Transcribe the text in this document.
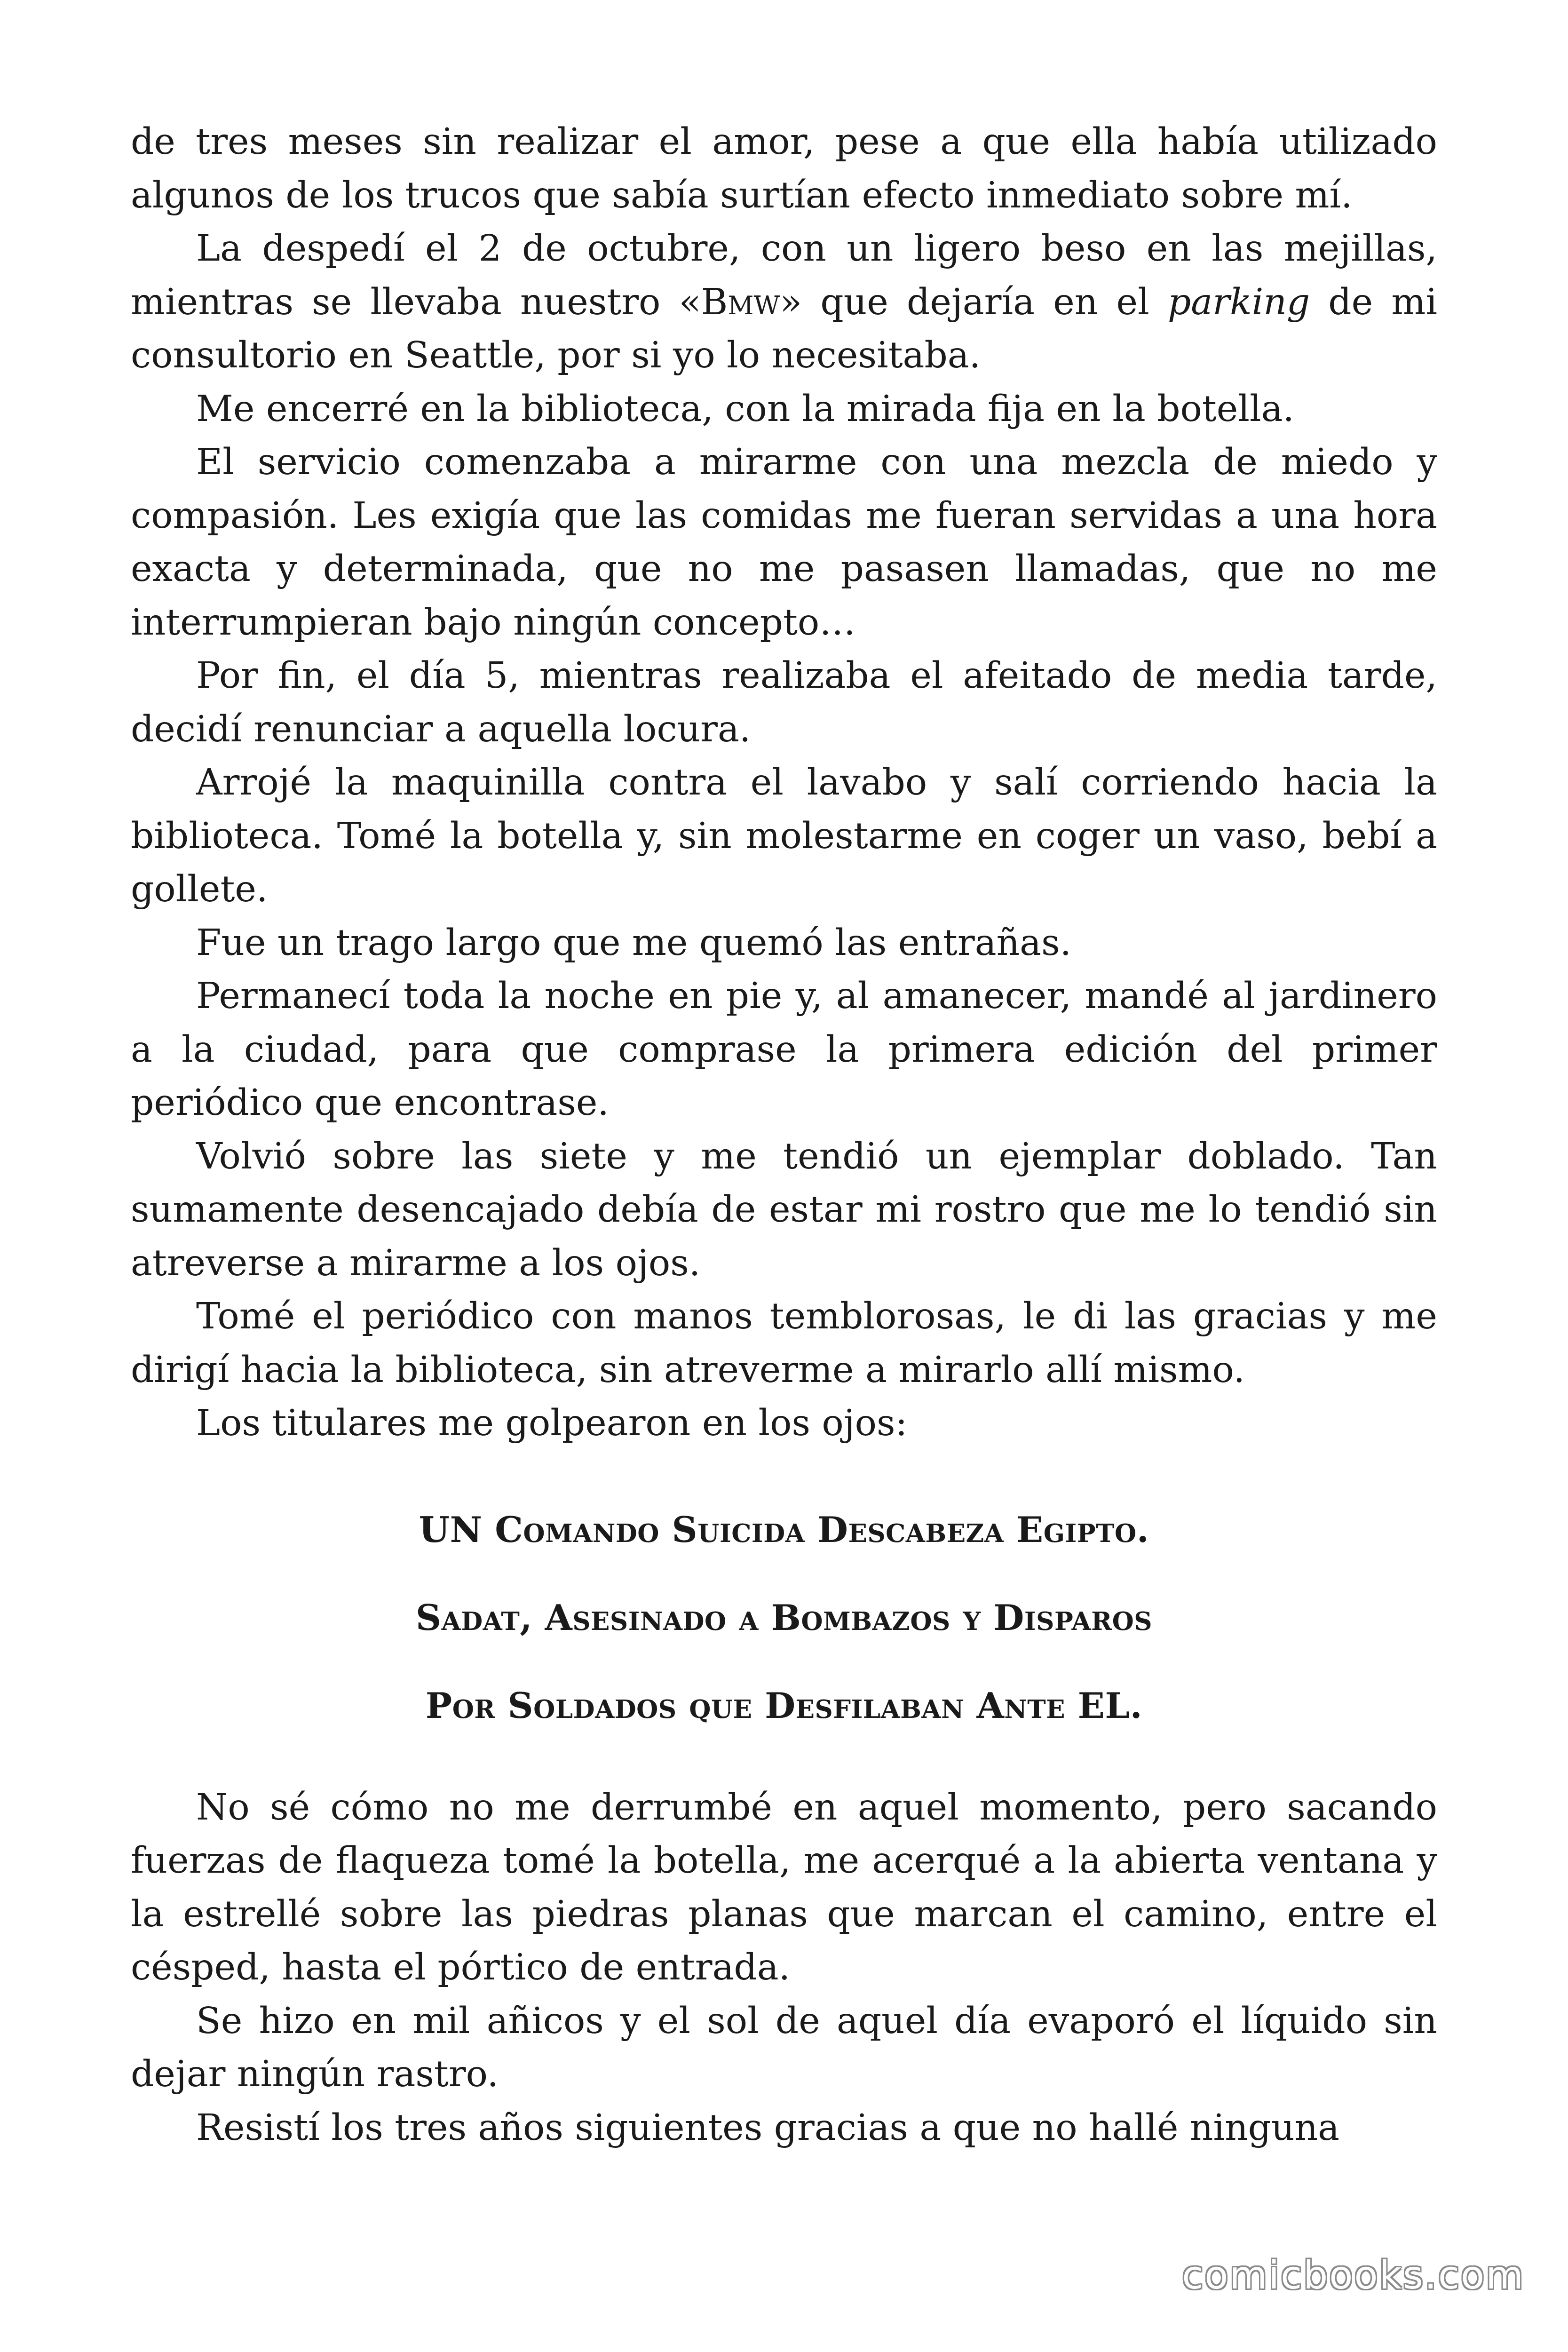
de tres meses sin realizar el amor, pese a que ella había utilizado algunos de los trucos que sabía surtían efecto inmediato sobre mí.

La despedí el 2 de octubre, con un ligero beso en las mejillas, mientras se llevaba nuestro «Bmw» que dejaría en el parking de mi consultorio en Seattle, por si yo lo necesitaba.

Me encerré en la biblioteca, con la mirada fija en la botella.

El servicio comenzaba a mirarme con una mezcla de miedo y compasión. Les exigía que las comidas me fueran servidas a una hora exacta y determinada, que no me pasasen llamadas, que no me interrumpieran bajo ningún concepto…

Por fin, el día 5, mientras realizaba el afeitado de media tarde, decidí renunciar a aquella locura.

Arrojé la maquinilla contra el lavabo y salí corriendo hacia la biblioteca. Tomé la botella y, sin molestarme en coger un vaso, bebí a gollete.

Fue un trago largo que me quemó las entrañas.

Permanecí toda la noche en pie y, al amanecer, mandé al jardinero a la ciudad, para que comprase la primera edición del primer periódico que encontrase.

Volvió sobre las siete y me tendió un ejemplar doblado. Tan sumamente desencajado debía de estar mi rostro que me lo tendió sin atreverse a mirarme a los ojos.

Tomé el periódico con manos temblorosas, le di las gracias y me dirigí hacia la biblioteca, sin atreverme a mirarlo allí mismo.

Los titulares me golpearon en los ojos:

UN Comando Suicida Descabeza Egipto.

Sadat, Asesinado a Bombazos y Disparos

Por Soldados que Desfilaban Ante EL.

No sé cómo no me derrumbé en aquel momento, pero sacando fuerzas de flaqueza tomé la botella, me acerqué a la abierta ventana y la estrellé sobre las piedras planas que marcan el camino, entre el césped, hasta el pórtico de entrada.

Se hizo en mil añicos y el sol de aquel día evaporó el líquido sin dejar ningún rastro.

Resistí los tres años siguientes gracias a que no hallé ninguna

comicbooks.com
